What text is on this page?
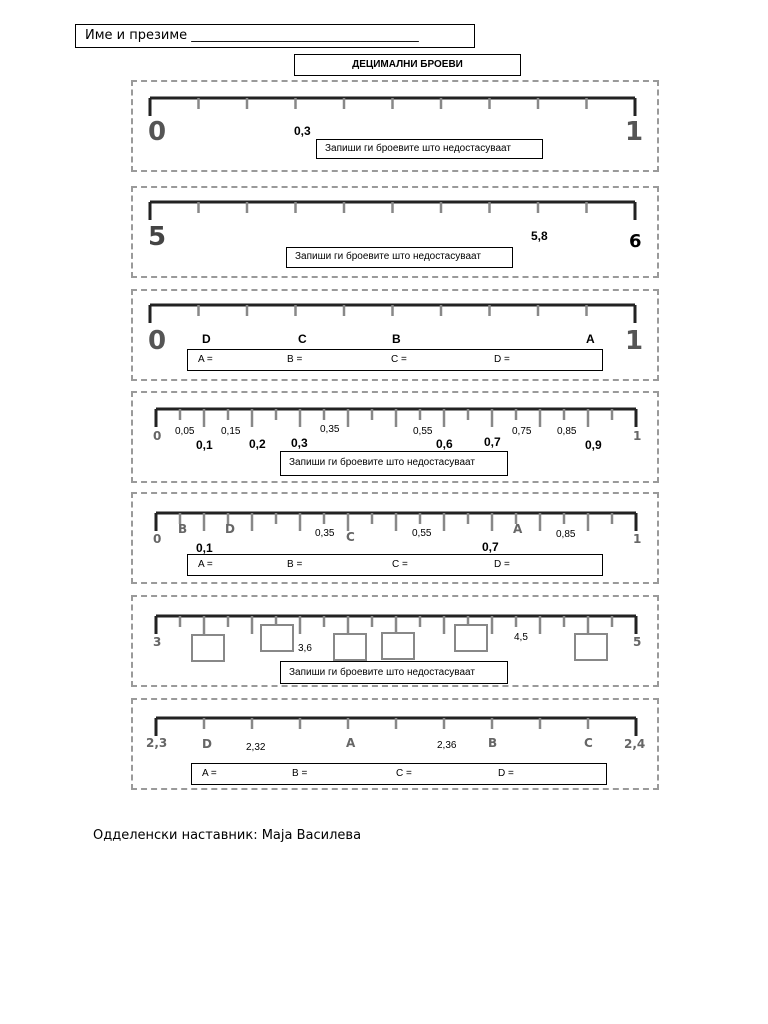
Име и презиме ___________________________________
ДЕЦИМАЛНИ БРОЕВИ
0	1
0,3
Запиши ги броевите што недостасуваат
5	6
5,8
Запиши ги броевите што недостасуваат
0	1
D	C	B	A
A =	B =	C =	D =
0	1
0,05	0,15	0,35	0,55	0,75	0,85
0,1	0,2 0,3	0,6	0,7	0,9
Запиши ги броевите што недостасуваат
0	1
B	D
C
A
0,35	0,55	0,85
0,1	0,7
A =	B =	C =	D =
3	5
3,6
4,5
Запиши ги броевите што недостасуваат
2,3	2,4
D	A	B	C
2,32	2,36
A =	B =	C =	D =
Одделенски наставник: Маја Василева
